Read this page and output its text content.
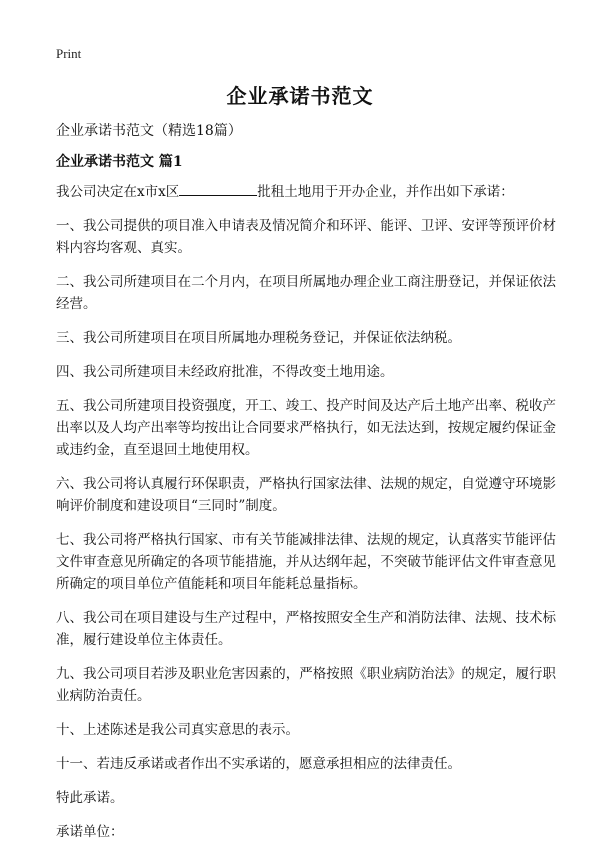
Print
企业承诺书范文
企业承诺书范文（精选18篇）
企业承诺书范文 篇1

我公司决定在x市x区	批租土地用于开办企业，并作出如下承诺：

一、我公司提供的项目准入申请表及情况简介和环评、能评、卫评、安评等预评价材料内容均客观、真实。

二、我公司所建项目在二个月内，在项目所属地办理企业工商注册登记，并保证依法经营。

三、我公司所建项目在项目所属地办理税务登记，并保证依法纳税。

四、我公司所建项目未经政府批准，不得改变土地用途。

五、我公司所建项目投资强度，开工、竣工、投产时间及达产后土地产出率、税收产出率以及人均产出率等均按出让合同要求严格执行，如无法达到，按规定履约保证金或违约金，直至退回土地使用权。

六、我公司将认真履行环保职责，严格执行国家法律、法规的规定，自觉遵守环境影响评价制度和建设项目“三同时”制度。

七、我公司将严格执行国家、市有关节能减排法律、法规的规定，认真落实节能评估文件审查意见所确定的各项节能措施，并从达纲年起，不突破节能评估文件审查意见所确定的项目单位产值能耗和项目年能耗总量指标。

八、我公司在项目建设与生产过程中，严格按照安全生产和消防法律、法规、技术标准，履行建设单位主体责任。

九、我公司项目若涉及职业危害因素的，严格按照《职业病防治法》的规定，履行职业病防治责任。

十、上述陈述是我公司真实意思的表示。

十一、若违反承诺或者作出不实承诺的，愿意承担相应的法律责任。

特此承诺。

承诺单位：
